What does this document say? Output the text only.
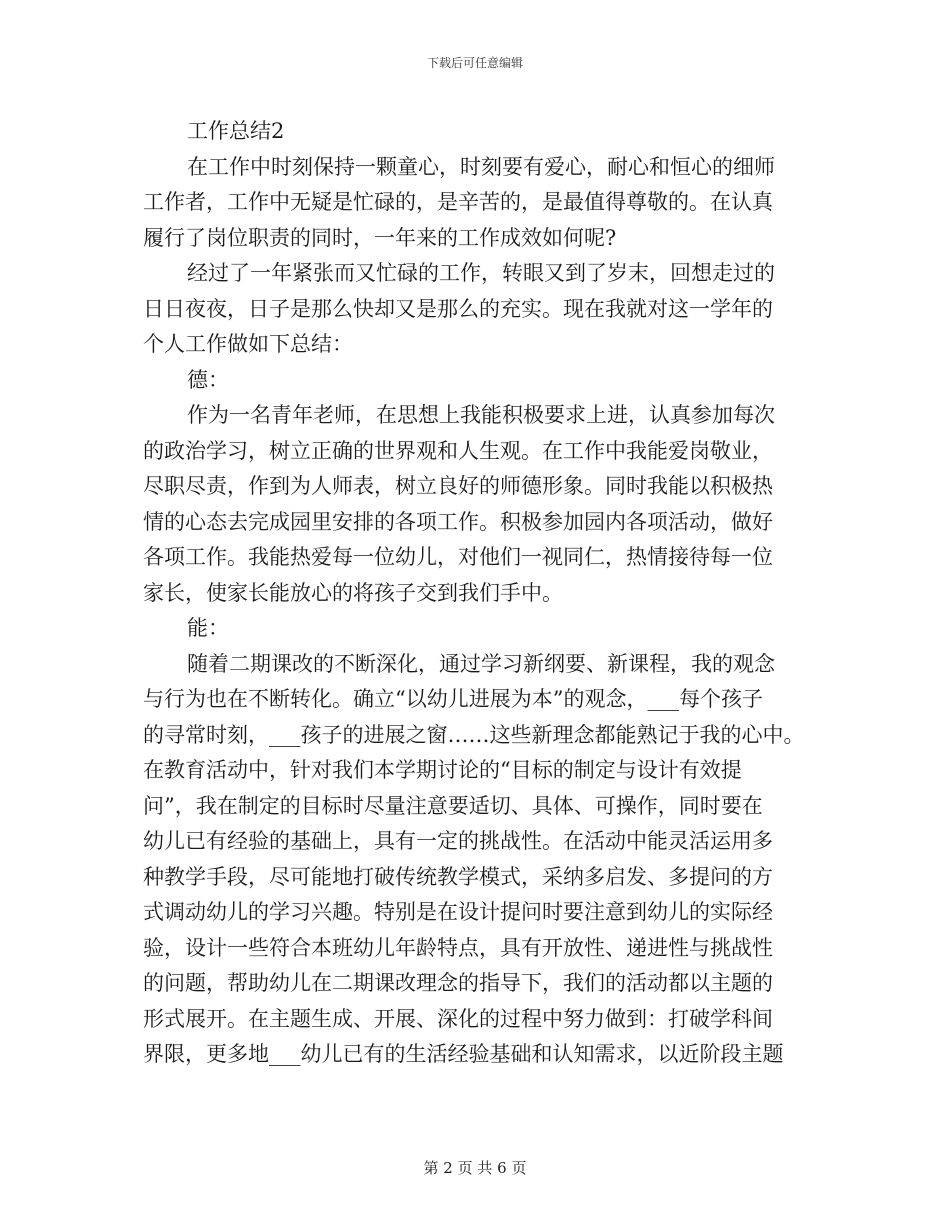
下载后可任意编辑

工作总结2

在工作中时刻保持一颗童心，时刻要有爱心，耐心和恒心的细师
工作者，工作中无疑是忙碌的，是辛苦的，是最值得尊敬的。在认真
履行了岗位职责的同时，一年来的工作成效如何呢?

经过了一年紧张而又忙碌的工作，转眼又到了岁末，回想走过的
日日夜夜，日子是那么快却又是那么的充实。现在我就对这一学年的
个人工作做如下总结：

德：

作为一名青年老师，在思想上我能积极要求上进，认真参加每次
的政治学习，树立正确的世界观和人生观。在工作中我能爱岗敬业，
尽职尽责，作到为人师表，树立良好的师德形象。同时我能以积极热
情的心态去完成园里安排的各项工作。积极参加园内各项活动，做好
各项工作。我能热爱每一位幼儿，对他们一视同仁，热情接待每一位
家长，使家长能放心的将孩子交到我们手中。

能：

随着二期课改的不断深化，通过学习新纲要、新课程，我的观念
与行为也在不断转化。确立“以幼儿进展为本”的观念，___每个孩子
的寻常时刻，___孩子的进展之窗……这些新理念都能熟记于我的心中。
在教育活动中，针对我们本学期讨论的“目标的制定与设计有效提
问”，我在制定的目标时尽量注意要适切、具体、可操作，同时要在
幼儿已有经验的基础上，具有一定的挑战性。在活动中能灵活运用多
种教学手段，尽可能地打破传统教学模式，采纳多启发、多提问的方
式调动幼儿的学习兴趣。特别是在设计提问时要注意到幼儿的实际经
验，设计一些符合本班幼儿年龄特点，具有开放性、递进性与挑战性
的问题，帮助幼儿在二期课改理念的指导下，我们的活动都以主题的
形式展开。在主题生成、开展、深化的过程中努力做到：打破学科间
界限，更多地___幼儿已有的生活经验基础和认知需求，以近阶段主题

第 2 页 共 6 页
